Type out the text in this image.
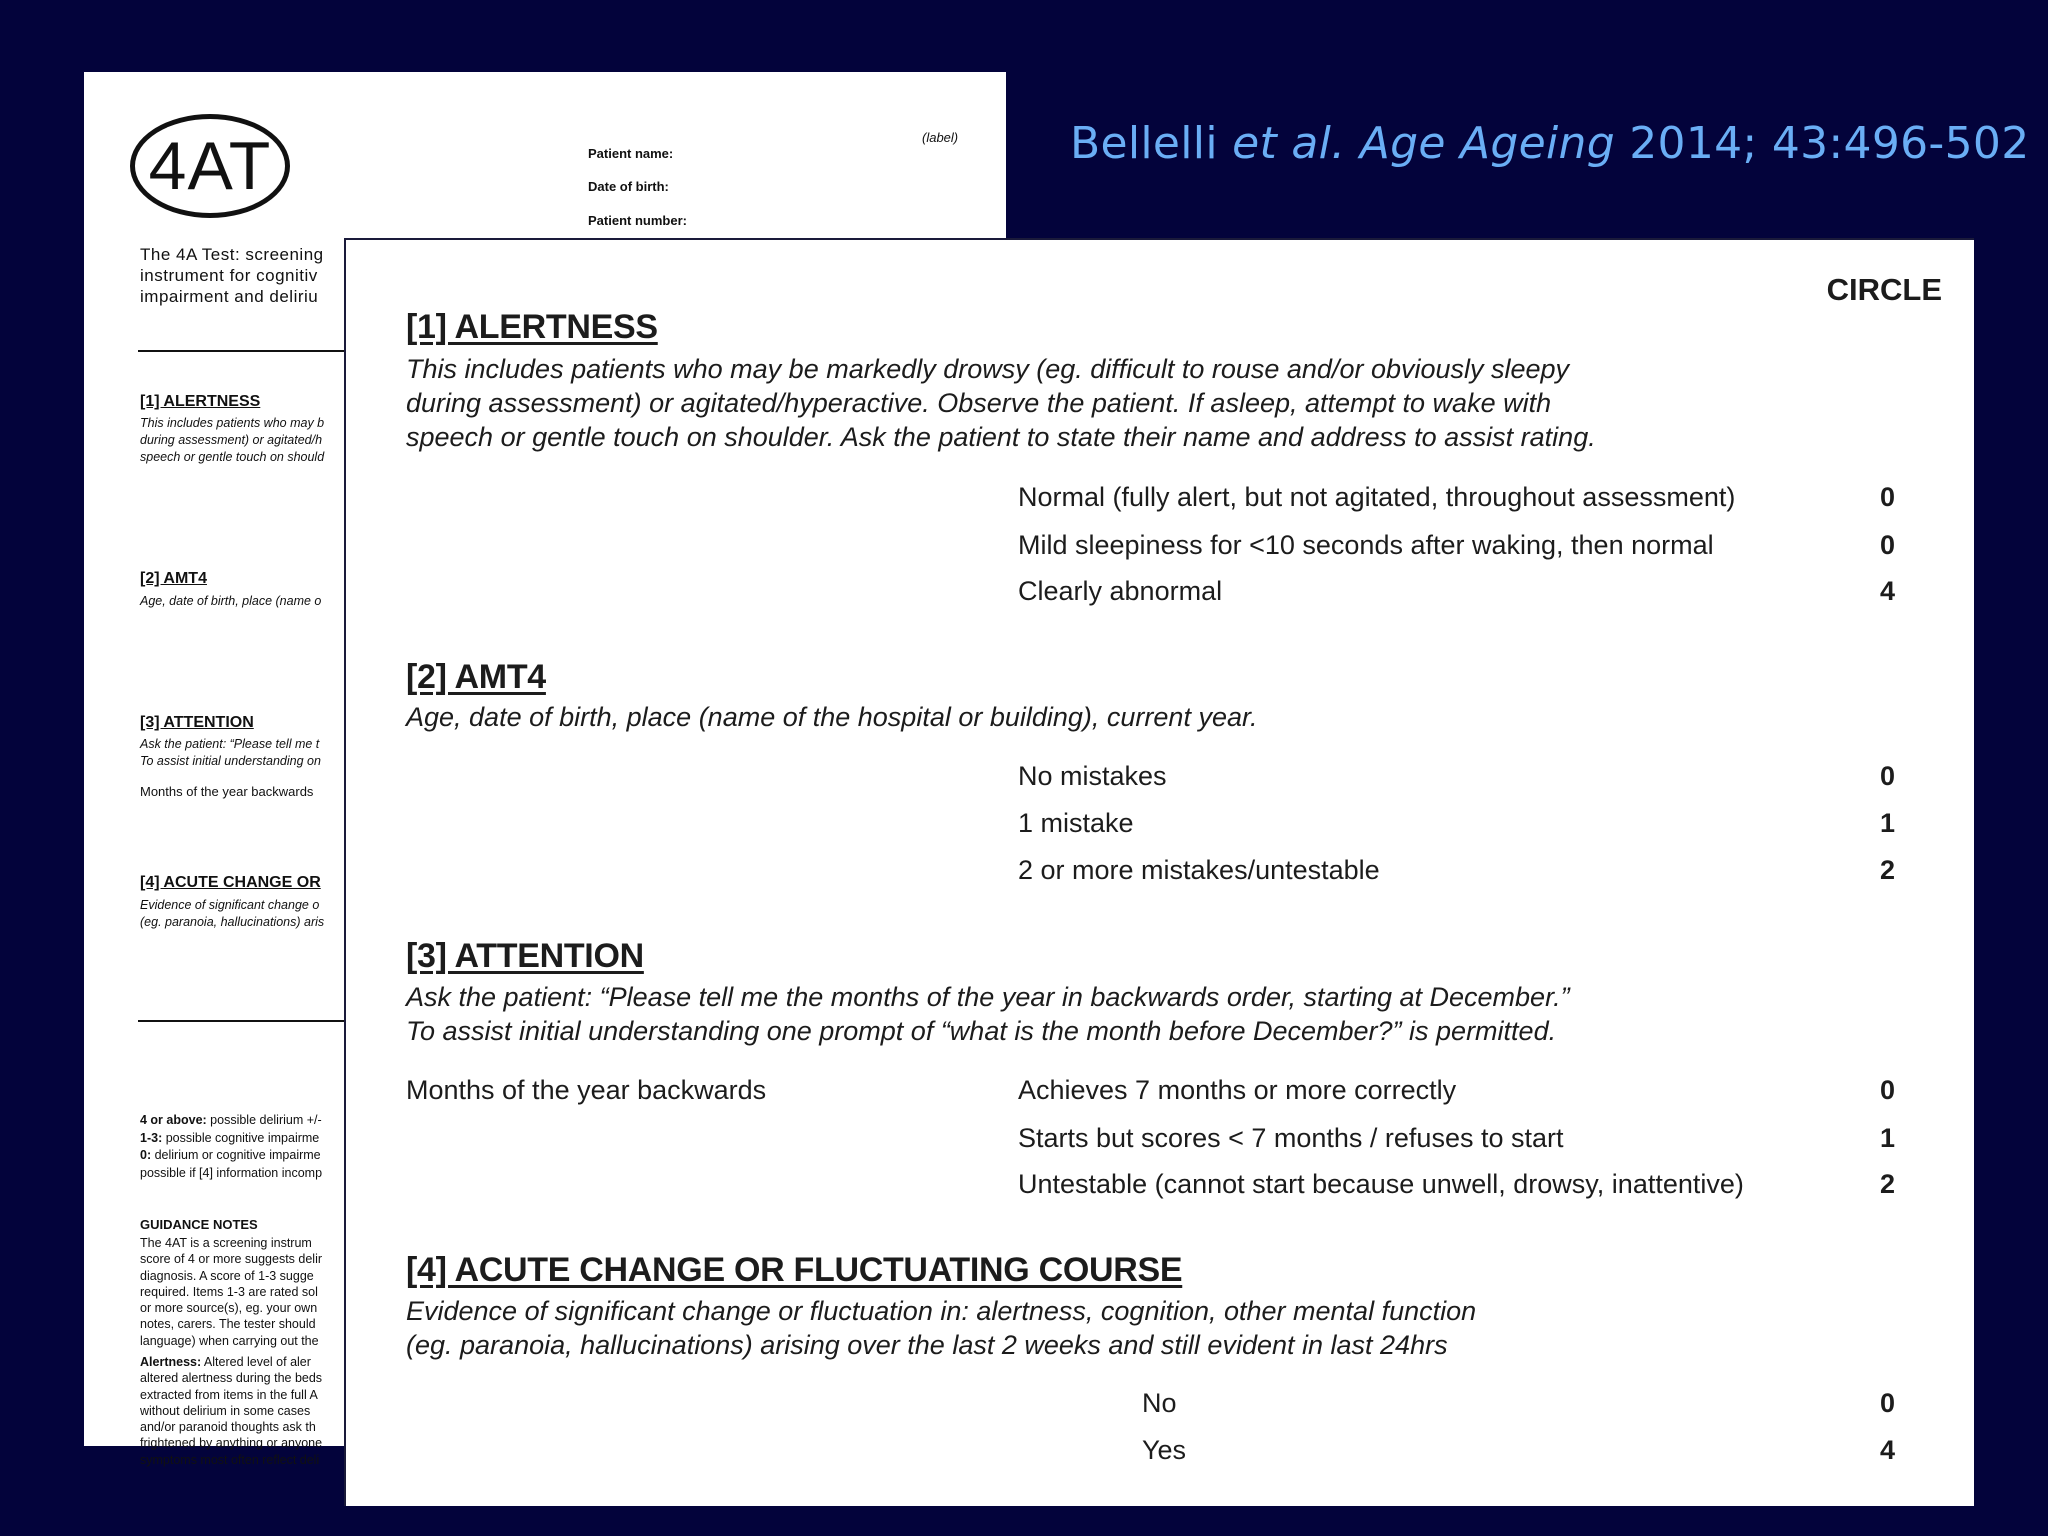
Bellelli et al. Age Ageing 2014; 43:496-502
4AT	(label)
Patient name:
Date of birth:
Patient number:
The 4A Test: screening
instrument for cognitiv
impairment and deliriu
[1] ALERTNESS
This includes patients who may b
during assessment) or agitated/h
speech or gentle touch on should
[2] AMT4
Age, date of birth, place (name o
[3] ATTENTION
Ask the patient: “Please tell me t
To assist initial understanding on
Months of the year backwards
[4] ACUTE CHANGE OR
Evidence of significant change o
(eg. paranoia, hallucinations) aris
4 or above: possible delirium +/-
1-3: possible cognitive impairme
0: delirium or cognitive impairme
possible if [4] information incomp
GUIDANCE NOTES
The 4AT is a screening instrum
score of 4 or more suggests delir
diagnosis. A score of 1-3 sugge
required. Items 1-3 are rated sol
or more source(s), eg. your own
notes, carers. The tester should
language) when carrying out the
Alertness: Altered level of aler
altered alertness during the beds
extracted from items in the full A
without delirium in some cases
and/or paranoid thoughts ask th
frightened by anything or anyone
symptoms most often reflect deli
CIRCLE
[1] ALERTNESS
This includes patients who may be markedly drowsy (eg. difficult to rouse and/or obviously sleepy
during assessment) or agitated/hyperactive. Observe the patient. If asleep, attempt to wake with
speech or gentle touch on shoulder. Ask the patient to state their name and address to assist rating.
Normal (fully alert, but not agitated, throughout assessment)	0
Mild sleepiness for <10 seconds after waking, then normal	0
Clearly abnormal	4
[2] AMT4
Age, date of birth, place (name of the hospital or building), current year.
No mistakes	0
1 mistake	1
2 or more mistakes/untestable	2
[3] ATTENTION
Ask the patient: “Please tell me the months of the year in backwards order, starting at December.”
To assist initial understanding one prompt of “what is the month before December?” is permitted.
Months of the year backwards	Achieves 7 months or more correctly	0
Starts but scores < 7 months / refuses to start	1
Untestable (cannot start because unwell, drowsy, inattentive)	2
[4] ACUTE CHANGE OR FLUCTUATING COURSE
Evidence of significant change or fluctuation in: alertness, cognition, other mental function
(eg. paranoia, hallucinations) arising over the last 2 weeks and still evident in last 24hrs
No	0
Yes	4
